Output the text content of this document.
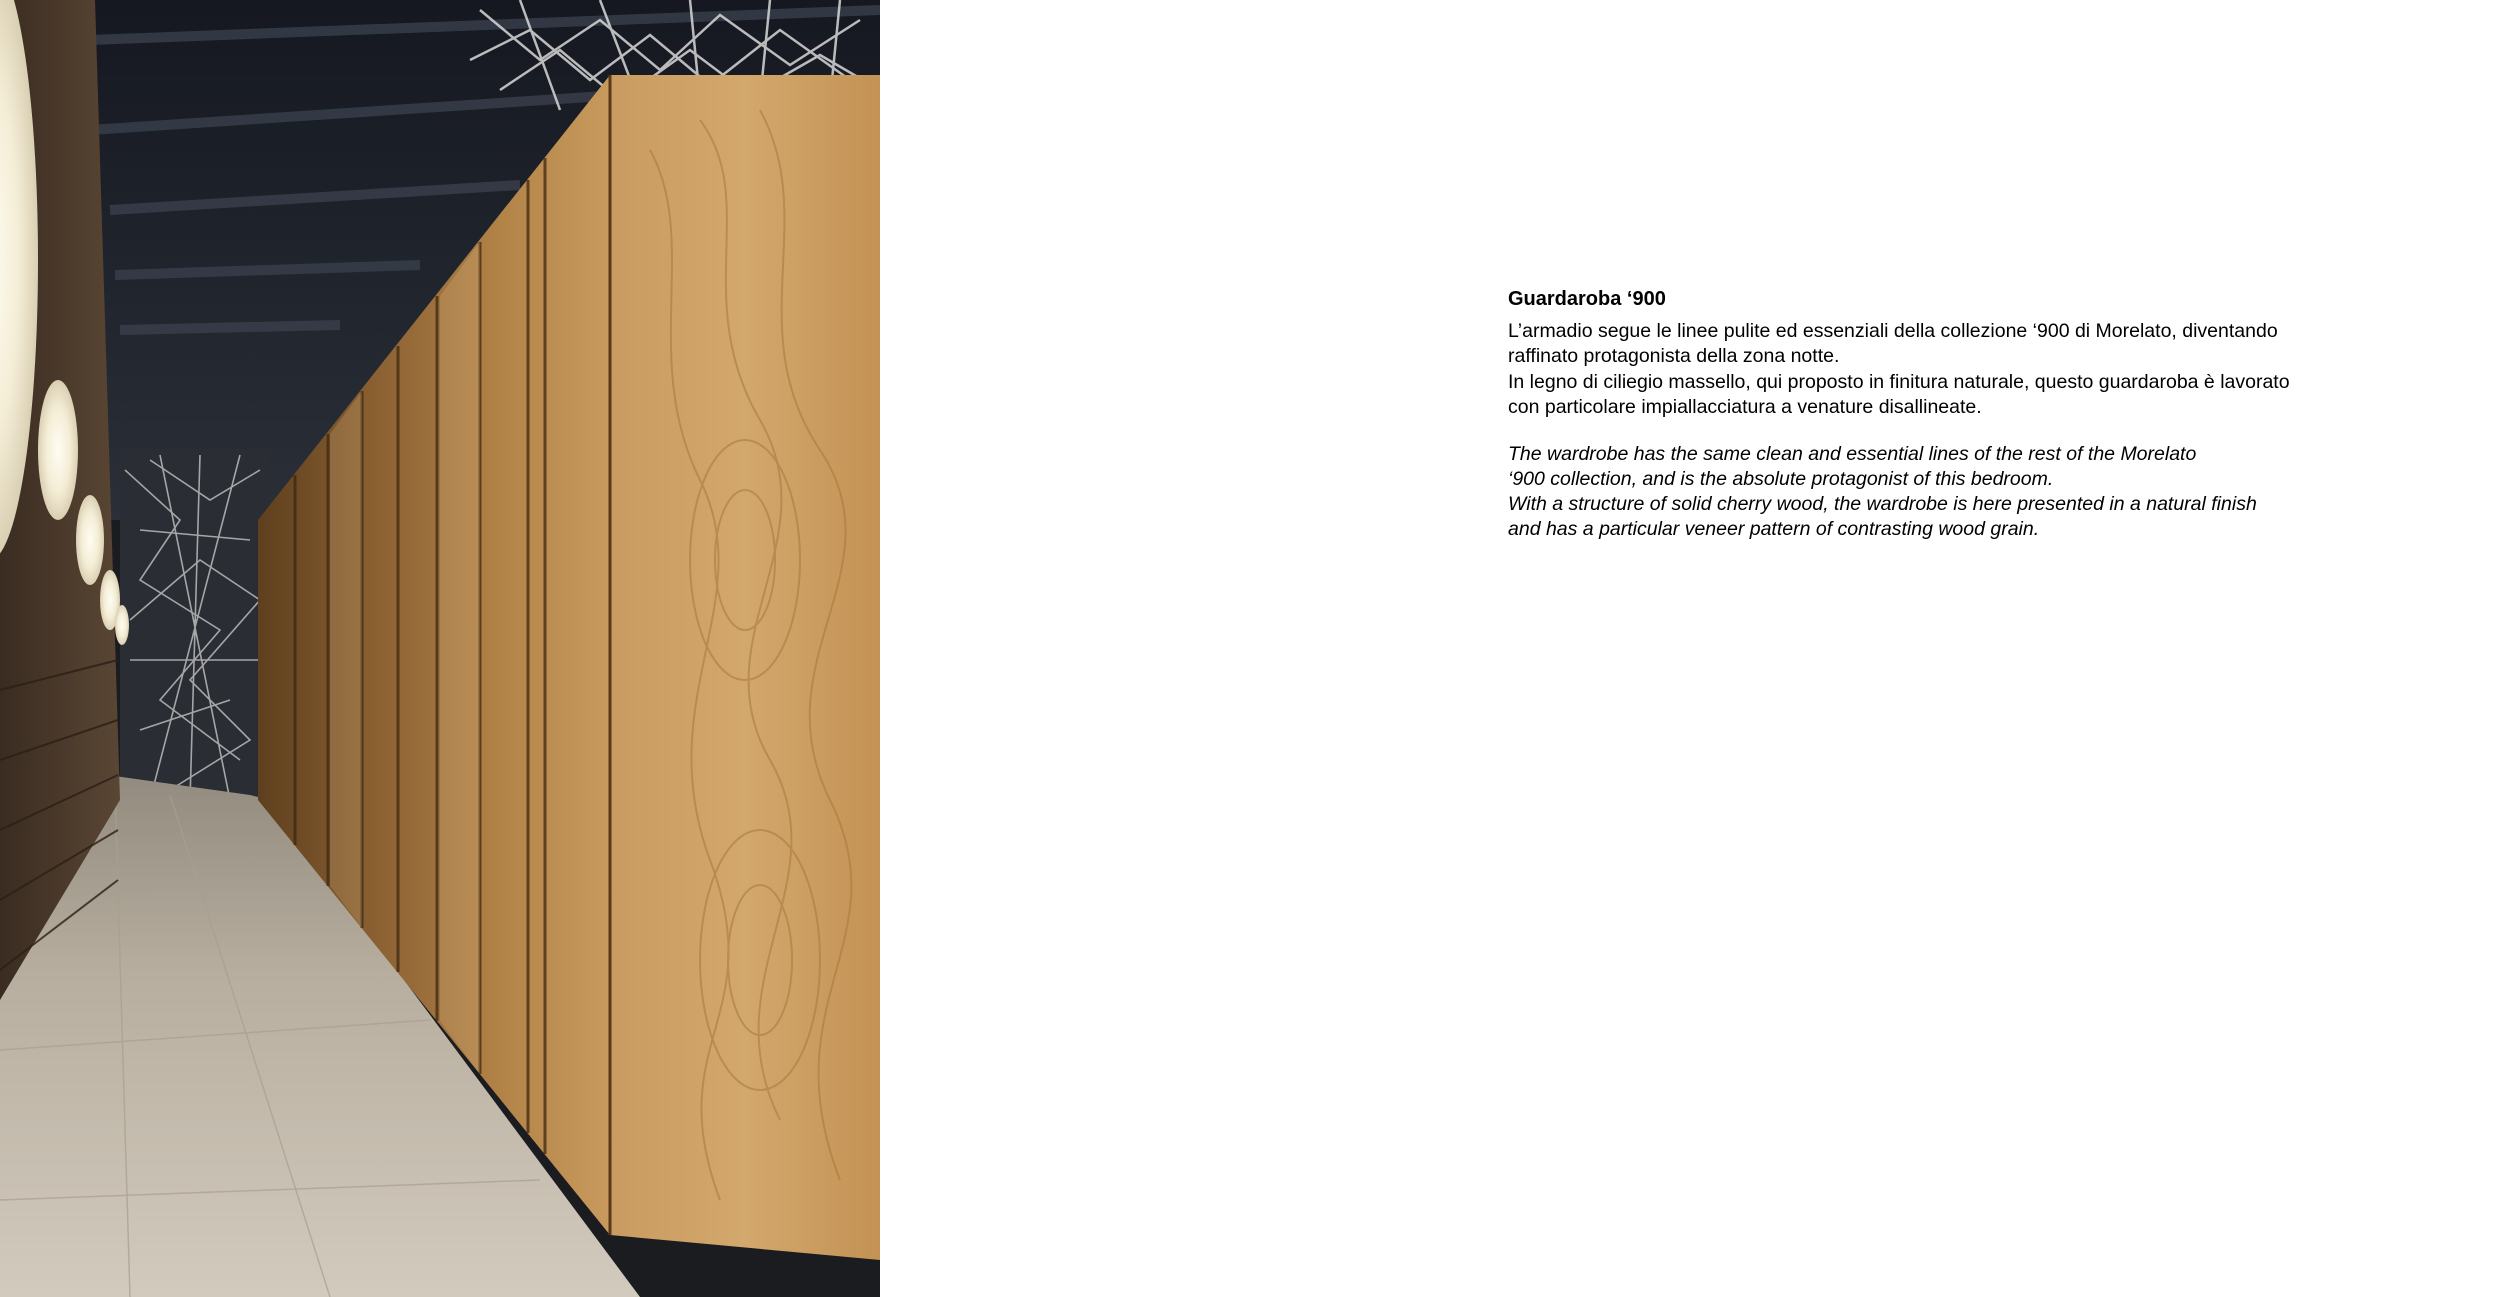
Guardaroba ‘900
L’armadio segue le linee pulite ed essenziali della collezione ‘900 di Morelato, diventando
raffinato protagonista della zona notte.
In legno di ciliegio massello, qui proposto in finitura naturale, questo guardaroba è lavorato
con particolare impiallacciatura a venature disallineate.
The wardrobe has the same clean and essential lines of the rest of the Morelato
‘900 collection, and is the absolute protagonist of this bedroom.
With a structure of solid cherry wood, the wardrobe is here presented in a natural finish
and has a particular veneer pattern of contrasting wood grain.
